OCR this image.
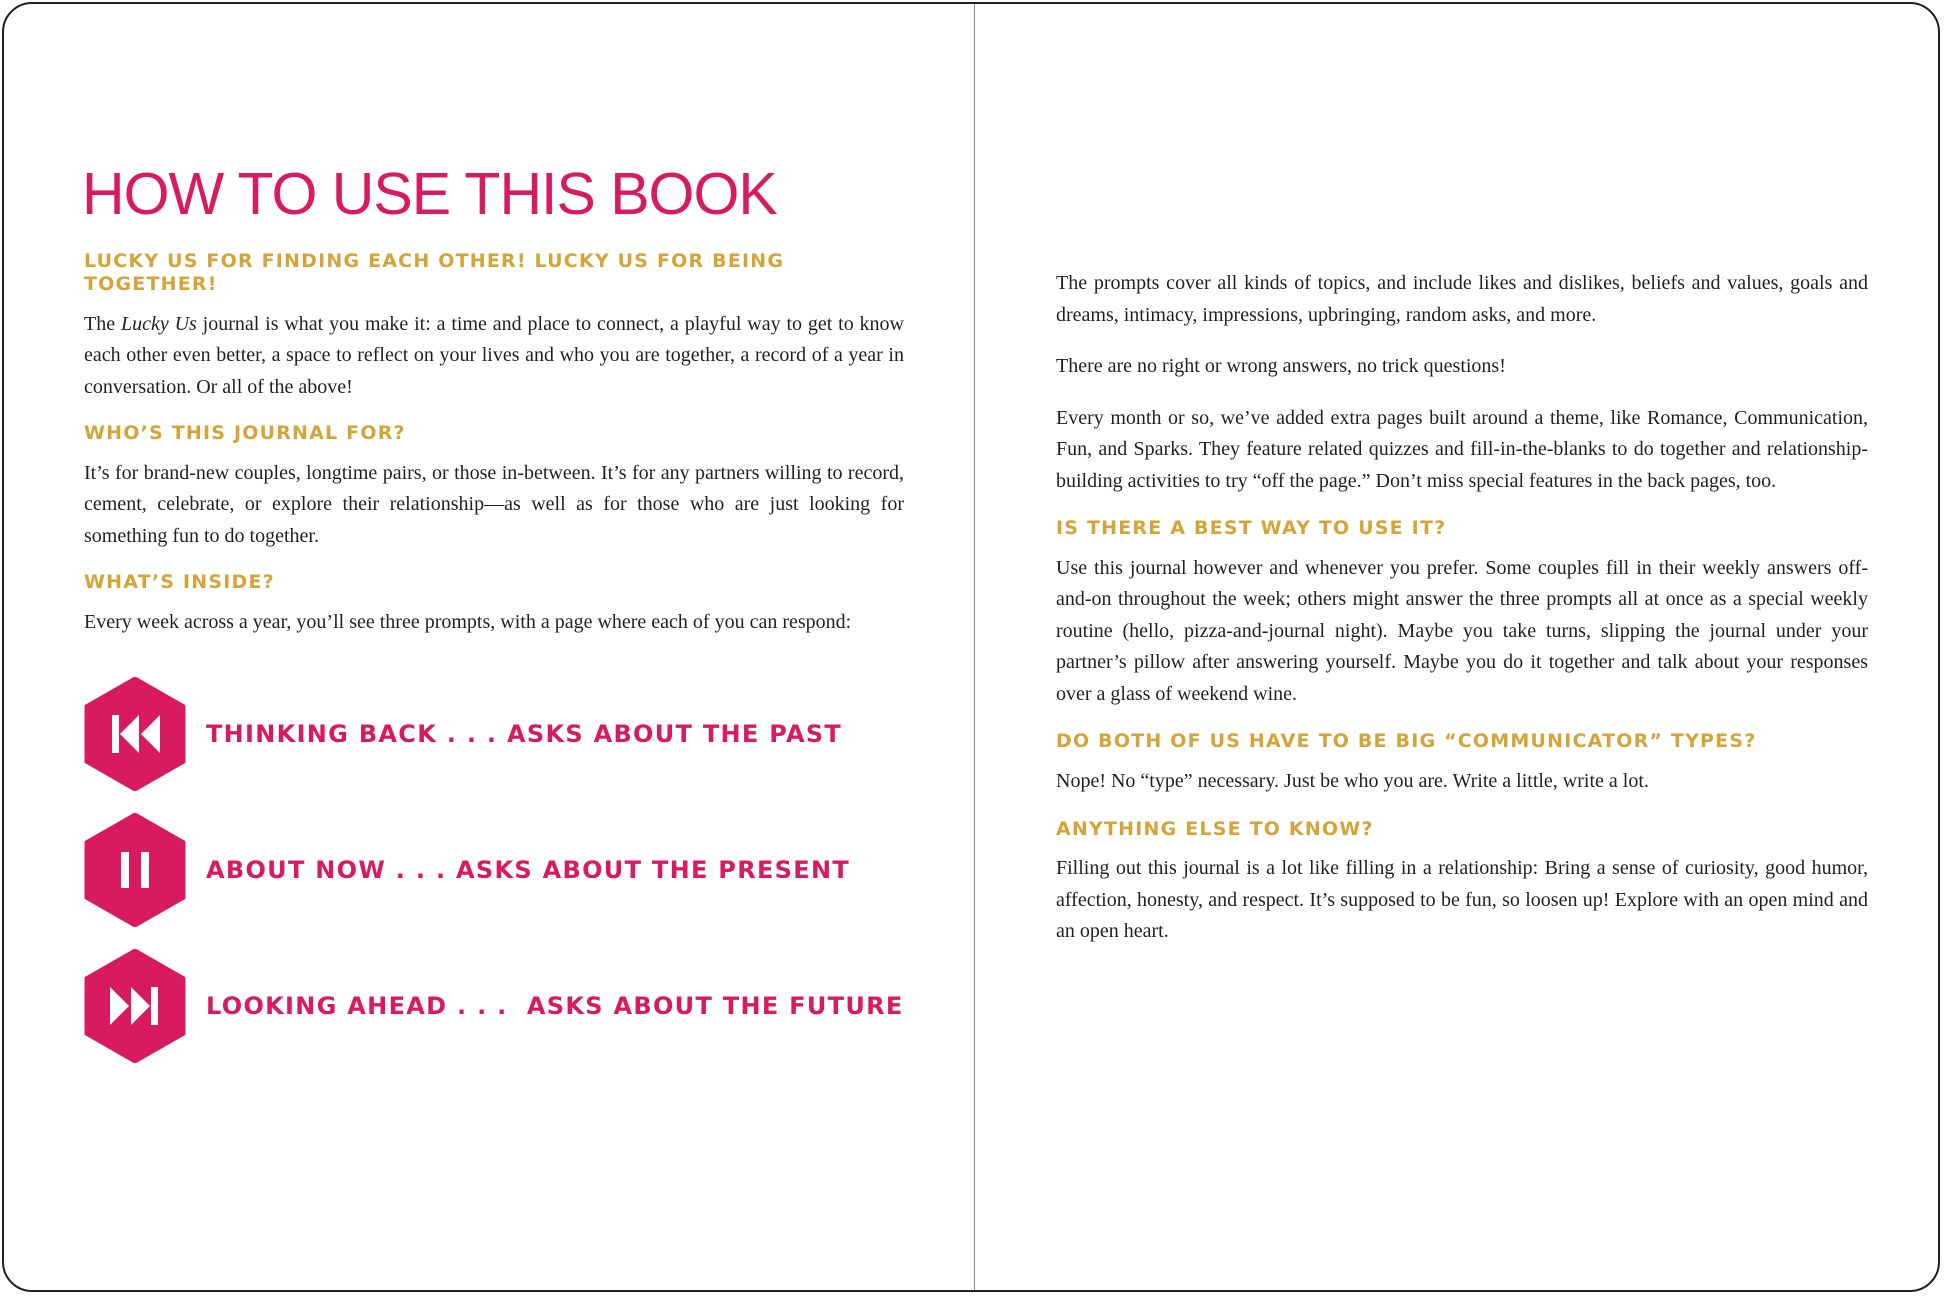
HOW TO USE THIS BOOK
LUCKY US FOR FINDING EACH OTHER! LUCKY US FOR BEING TOGETHER!

The Lucky Us journal is what you make it: a time and place to connect, a playful way to get to know each other even better, a space to reflect on your lives and who you are together, a record of a year in conversation. Or all of the above!

WHO’S THIS JOURNAL FOR?

It’s for brand-new couples, longtime pairs, or those in-between. It’s for any partners willing to record, cement, celebrate, or explore their relationship—as well as for those who are just looking for something fun to do together.

WHAT’S INSIDE?

Every week across a year, you’ll see three prompts, with a page where each of you can respond:

THINKING BACK . . . ASKS ABOUT THE PAST
ABOUT NOW . . . ASKS ABOUT THE PRESENT
LOOKING AHEAD . . .  ASKS ABOUT THE FUTURE

The prompts cover all kinds of topics, and include likes and dislikes, beliefs and values, goals and dreams, intimacy, impressions, upbringing, random asks, and more.

There are no right or wrong answers, no trick questions!

Every month or so, we’ve added extra pages built around a theme, like Romance, Communication, Fun, and Sparks. They feature related quizzes and fill-in-the-blanks to do together and relationship-building activities to try “off the page.” Don’t miss special features in the back pages, too.

IS THERE A BEST WAY TO USE IT?

Use this journal however and whenever you prefer. Some couples fill in their weekly answers off-and-on throughout the week; others might answer the three prompts all at once as a special weekly routine (hello, pizza-and-journal night). Maybe you take turns, slipping the journal under your partner’s pillow after answering yourself. Maybe you do it together and talk about your responses over a glass of weekend wine.

DO BOTH OF US HAVE TO BE BIG “COMMUNICATOR” TYPES?

Nope! No “type” necessary. Just be who you are. Write a little, write a lot.

ANYTHING ELSE TO KNOW?

Filling out this journal is a lot like filling in a relationship: Bring a sense of curiosity, good humor, affection, honesty, and respect. It’s supposed to be fun, so loosen up! Explore with an open mind and an open heart.
